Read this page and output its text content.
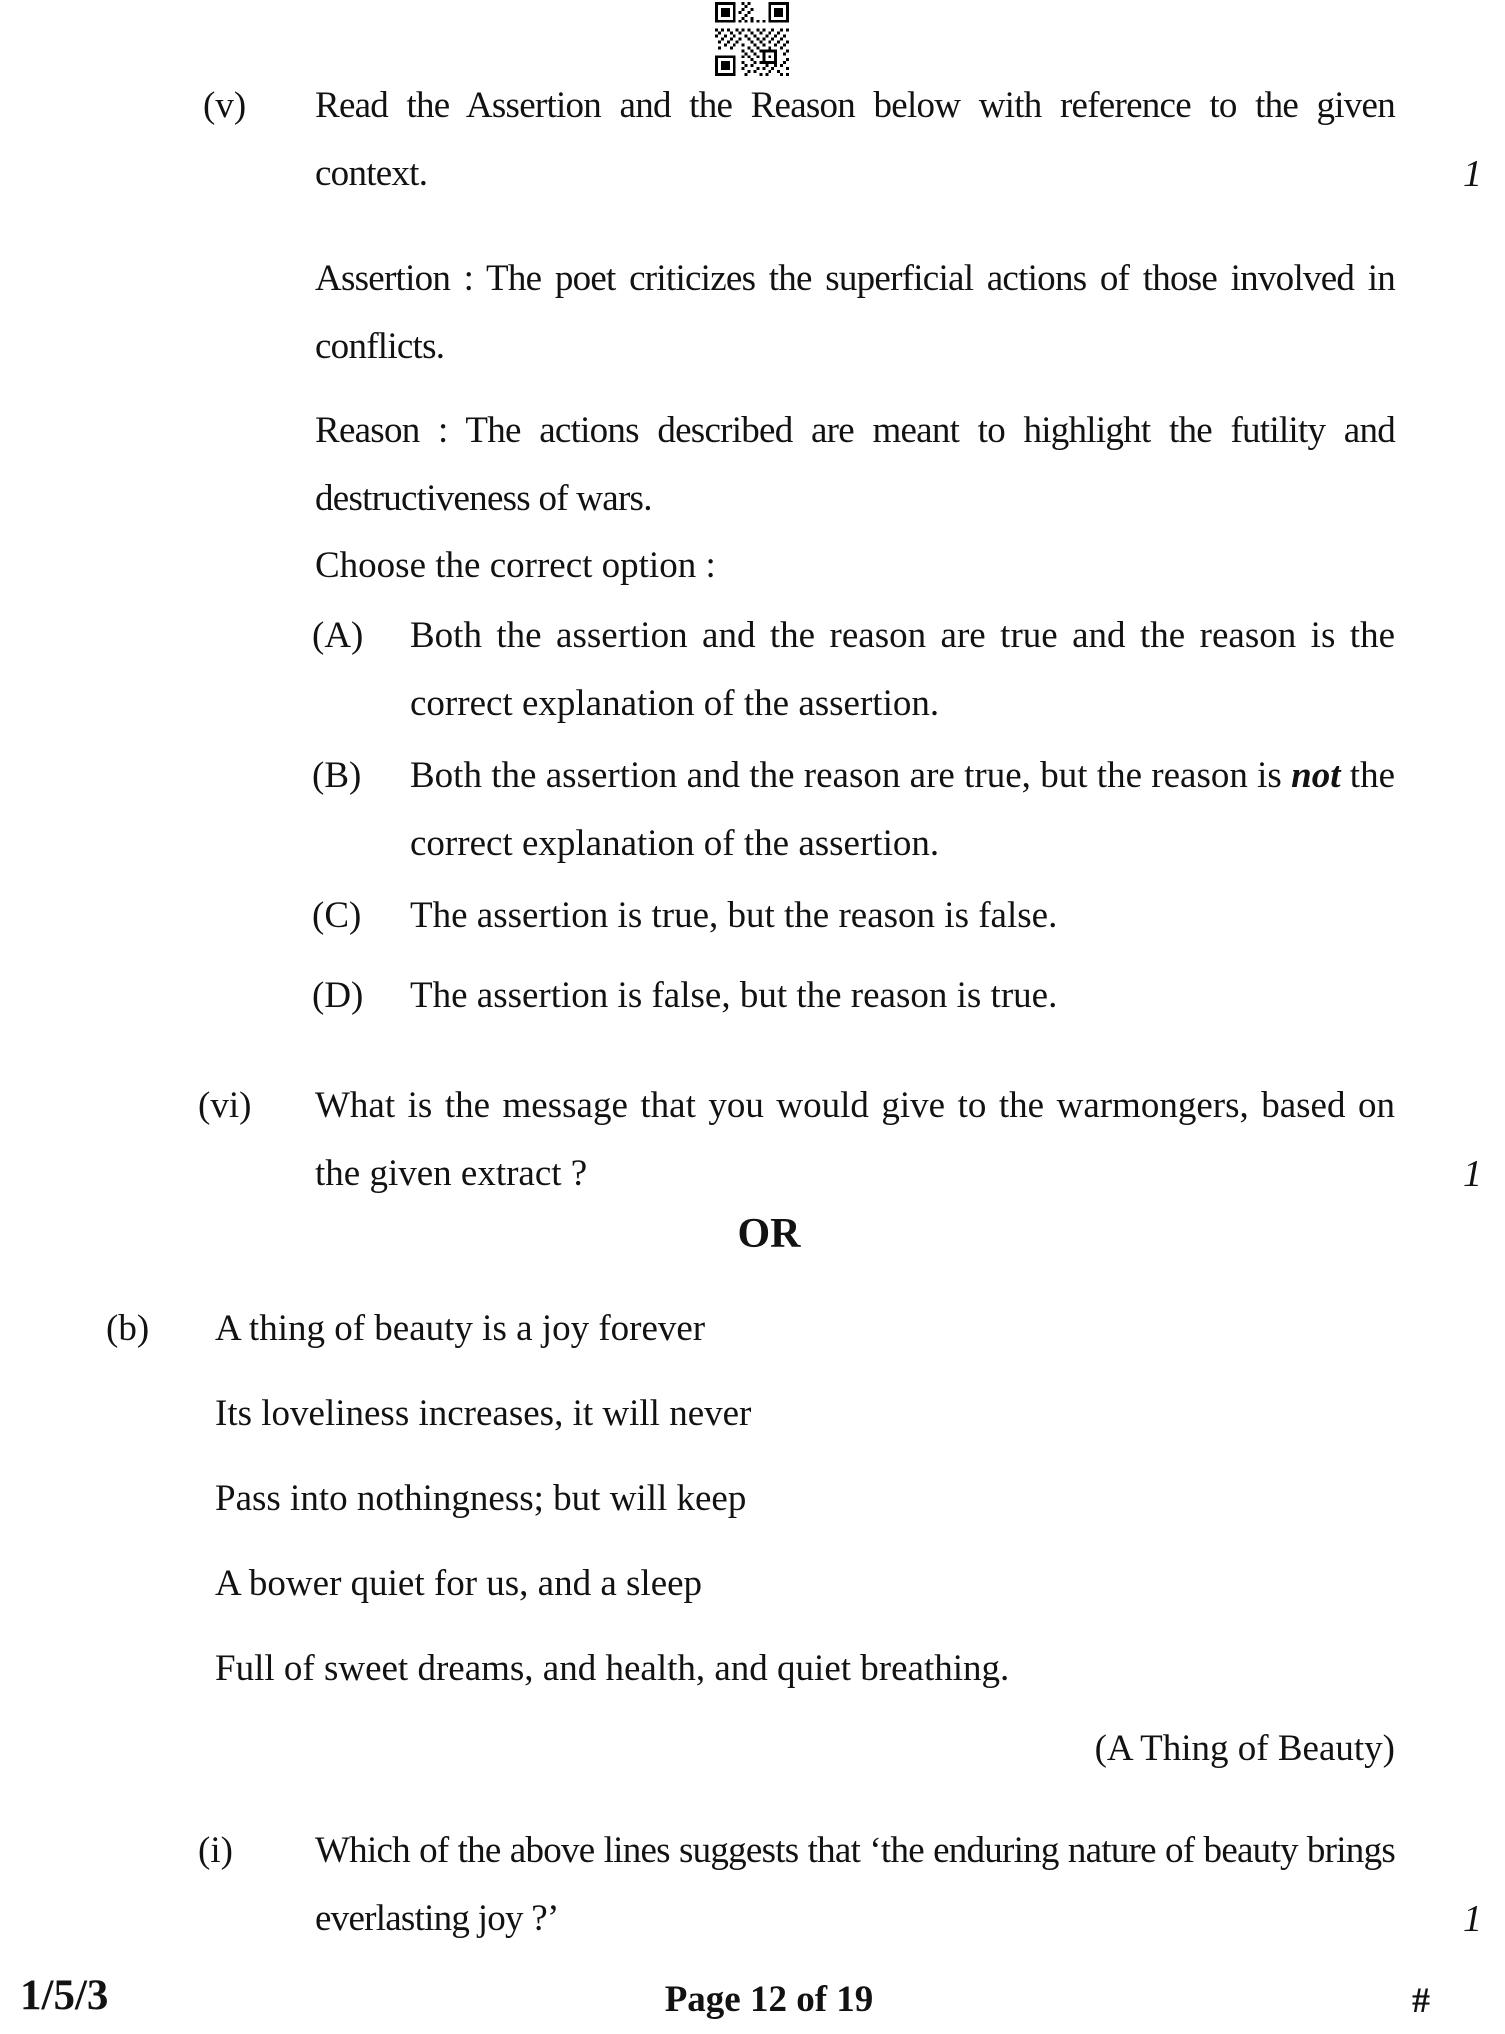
(v) Read the Assertion and the Reason below with reference to the given context.	1
Assertion : The poet criticizes the superficial actions of those involved in conflicts.
Reason : The actions described are meant to highlight the futility and destructiveness of wars.
Choose the correct option :
(A) Both the assertion and the reason are true and the reason is the correct explanation of the assertion.
(B) Both the assertion and the reason are true, but the reason is not the correct explanation of the assertion.
(C) The assertion is true, but the reason is false.
(D) The assertion is false, but the reason is true.
(vi) What is the message that you would give to the warmongers, based on the given extract ?	1
OR
(b) A thing of beauty is a joy forever
Its loveliness increases, it will never
Pass into nothingness; but will keep
A bower quiet for us, and a sleep
Full of sweet dreams, and health, and quiet breathing.
(A Thing of Beauty)
(i) Which of the above lines suggests that ‘the enduring nature of beauty brings everlasting joy ?’	1
1/5/3	Page 12 of 19	#
